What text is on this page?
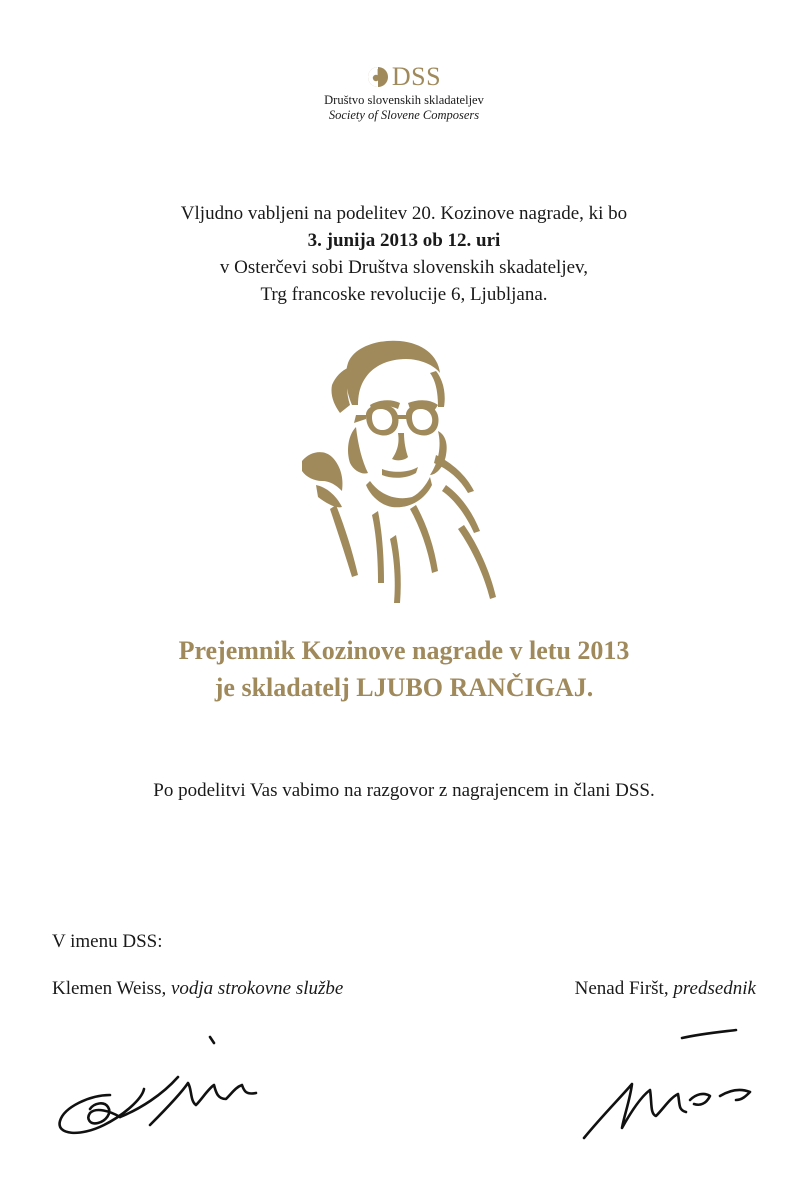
DSS
Društvo slovenskih skladateljev
Society of Slovene Composers
Vljudno vabljeni na podelitev 20. Kozinove nagrade, ki bo
3. junija 2013 ob 12. uri
v Osterčevi sobi Društva slovenskih skadateljev,
Trg francoske revolucije 6, Ljubljana.
Prejemnik Kozinove nagrade v letu 2013
je skladatelj LJUBO RANČIGAJ.
Po podelitvi Vas vabimo na razgovor z nagrajencem in člani DSS.
V imenu DSS:
Klemen Weiss, vodja strokovne službe	Nenad Firšt, predsednik
